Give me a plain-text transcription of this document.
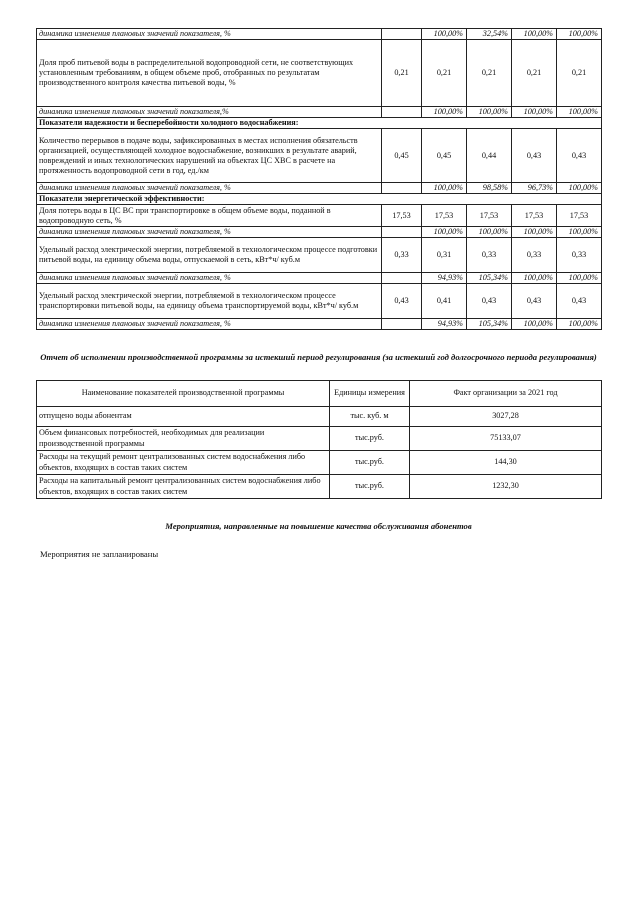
динамика изменения плановых значений показателя, %		100,00%	32,54%	100,00%	100,00%
Доля проб питьевой воды в распределительной водопроводной сети, не соответствующих установленным требованиям, в общем объеме проб, отобранных по результатам производственного контроля качества питьевой воды, %	0,21	0,21	0,21	0,21	0,21
динамика изменения плановых значений показателя,%		100,00%	100,00%	100,00%	100,00%
Показатели надежности и бесперебойности холодного водоснабжения:					
Количество перерывов в подаче воды, зафиксированных в местах исполнения обязательств организацией, осуществляющей холодное водоснабжение, возникших в результате аварий, повреждений и иных технологических нарушений на объектах ЦС ХВС в расчете на протяженность водопроводной сети в год, ед./км	0,45	0,45	0,44	0,43	0,43
динамика изменения плановых значений показателя, %		100,00%	98,58%	96,73%	100,00%
Показатели энергетической эффективности:					
Доля потерь воды в ЦС ВС при транспортировке в общем объеме воды, поданной в водопроводную сеть, %	17,53	17,53	17,53	17,53	17,53
динамика изменения плановых значений показателя, %		100,00%	100,00%	100,00%	100,00%
Удельный расход электрической энергии, потребляемой в технологическом процессе подготовки питьевой воды, на единицу объема воды, отпускаемой в сеть, кВт*ч/ куб.м	0,33	0,31	0,33	0,33	0,33
динамика изменения плановых значений показателя, %		94,93%	105,34%	100,00%	100,00%
Удельный расход электрической энергии, потребляемой в технологическом процессе транспортировки питьевой воды, на единицу объема транспортируемой воды, кВт*ч/ куб.м	0,43	0,41	0,43	0,43	0,43
динамика изменения плановых значений показателя, %		94,93%	105,34%	100,00%	100,00%
Отчет об исполнении производственной программы за истекший период регулирования (за истекший год долгосрочного периода регулирования)
Наименование показателей производственной программы	Единицы измерения	Факт организации за 2021 год
отпущено воды абонентам	тыс. куб. м	3027,28
Объем финансовых потребностей, необходимых для реализации производственной программы	тыс.руб.	75133,07
Расходы на текущий ремонт централизованных систем водоснабжения либо объектов, входящих в состав таких систем	тыс.руб.	144,30
Расходы на капитальный ремонт централизованных систем водоснабжения либо объектов, входящих в состав таких систем	тыс.руб.	1232,30
Мероприятия, направленные на повышение качества обслуживания абонентов
Мероприятия не запланированы
